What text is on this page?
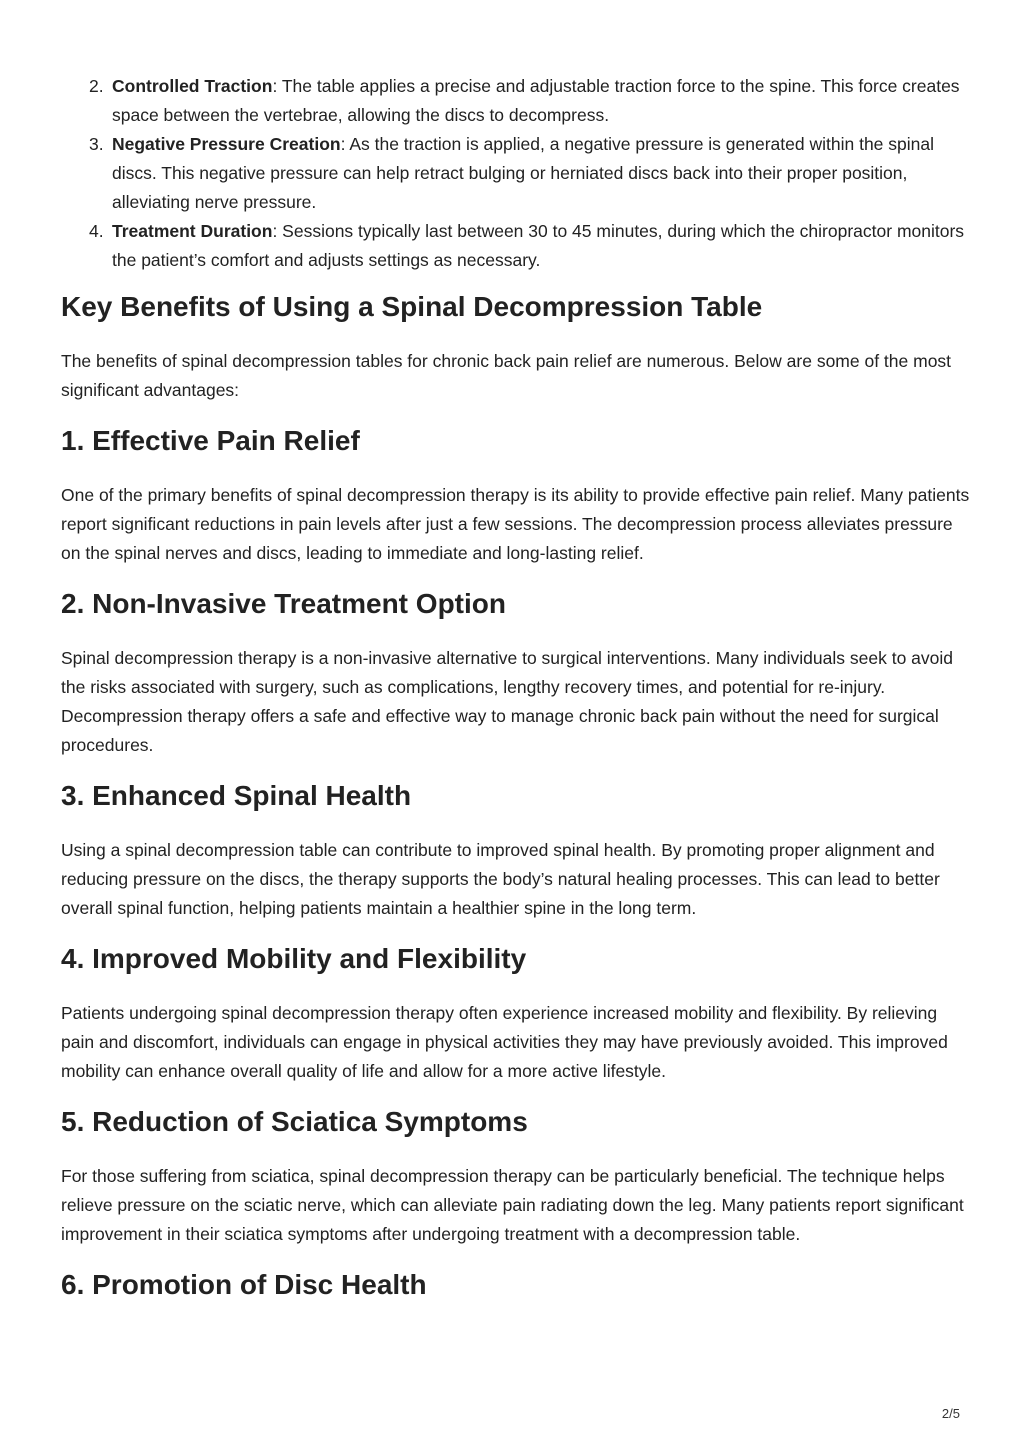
2. Controlled Traction: The table applies a precise and adjustable traction force to the spine. This force creates space between the vertebrae, allowing the discs to decompress.
3. Negative Pressure Creation: As the traction is applied, a negative pressure is generated within the spinal discs. This negative pressure can help retract bulging or herniated discs back into their proper position, alleviating nerve pressure.
4. Treatment Duration: Sessions typically last between 30 to 45 minutes, during which the chiropractor monitors the patient’s comfort and adjusts settings as necessary.
Key Benefits of Using a Spinal Decompression Table

The benefits of spinal decompression tables for chronic back pain relief are numerous. Below are some of the most significant advantages:

1. Effective Pain Relief

One of the primary benefits of spinal decompression therapy is its ability to provide effective pain relief. Many patients report significant reductions in pain levels after just a few sessions. The decompression process alleviates pressure on the spinal nerves and discs, leading to immediate and long-lasting relief.

2. Non-Invasive Treatment Option

Spinal decompression therapy is a non-invasive alternative to surgical interventions. Many individuals seek to avoid the risks associated with surgery, such as complications, lengthy recovery times, and potential for re-injury. Decompression therapy offers a safe and effective way to manage chronic back pain without the need for surgical procedures.

3. Enhanced Spinal Health

Using a spinal decompression table can contribute to improved spinal health. By promoting proper alignment and reducing pressure on the discs, the therapy supports the body’s natural healing processes. This can lead to better overall spinal function, helping patients maintain a healthier spine in the long term.

4. Improved Mobility and Flexibility

Patients undergoing spinal decompression therapy often experience increased mobility and flexibility. By relieving pain and discomfort, individuals can engage in physical activities they may have previously avoided. This improved mobility can enhance overall quality of life and allow for a more active lifestyle.

5. Reduction of Sciatica Symptoms

For those suffering from sciatica, spinal decompression therapy can be particularly beneficial. The technique helps relieve pressure on the sciatic nerve, which can alleviate pain radiating down the leg. Many patients report significant improvement in their sciatica symptoms after undergoing treatment with a decompression table.

6. Promotion of Disc Health
2/5
